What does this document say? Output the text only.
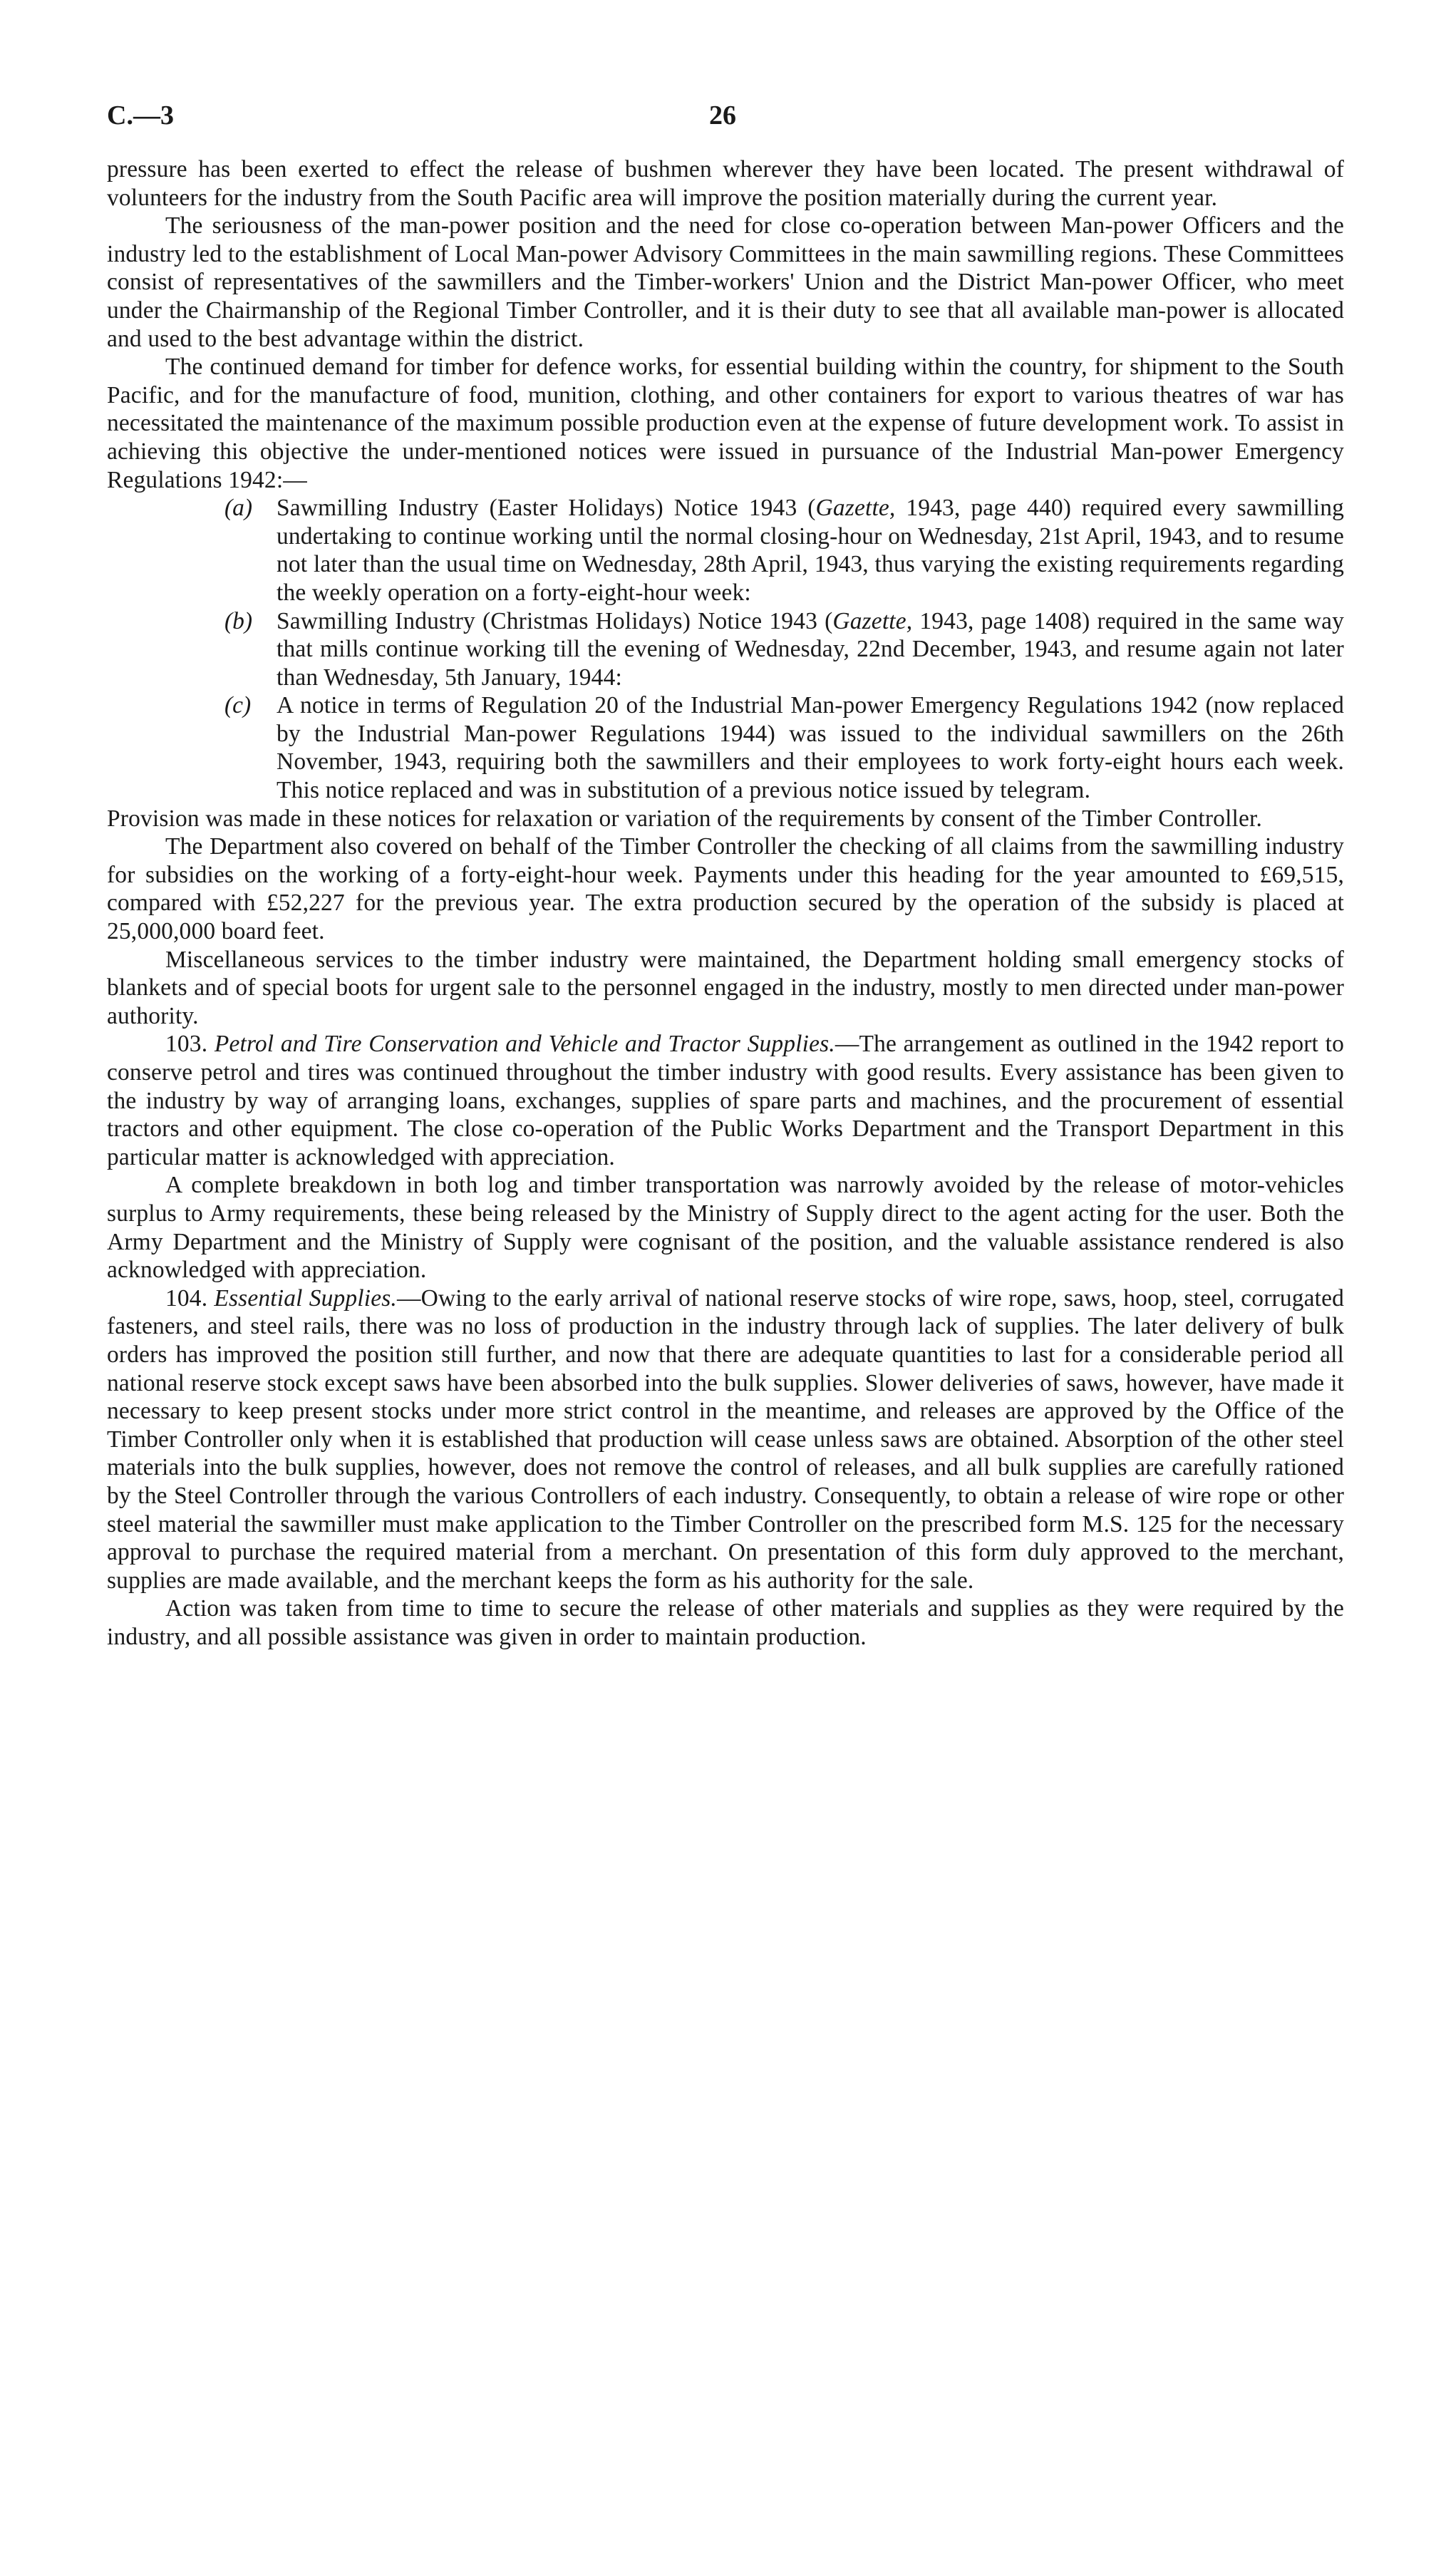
C.—3	26

pressure has been exerted to effect the release of bushmen wherever they have been located. The present withdrawal of volunteers for the industry from the South Pacific area will improve the position materially during the current year.

The seriousness of the man-power position and the need for close co-operation between Man-power Officers and the industry led to the establishment of Local Man-power Advisory Committees in the main sawmilling regions. These Committees consist of representatives of the sawmillers and the Timber-workers' Union and the District Man-power Officer, who meet under the Chairmanship of the Regional Timber Controller, and it is their duty to see that all available man-power is allocated and used to the best advantage within the district.

The continued demand for timber for defence works, for essential building within the country, for shipment to the South Pacific, and for the manufacture of food, munition, clothing, and other containers for export to various theatres of war has necessitated the maintenance of the maximum possible production even at the expense of future development work. To assist in achieving this objective the under-mentioned notices were issued in pursuance of the Industrial Man-power Emergency Regulations 1942:—

(a)	Sawmilling Industry (Easter Holidays) Notice 1943 (Gazette, 1943, page 440) required every sawmilling undertaking to continue working until the normal closing-hour on Wednesday, 21st April, 1943, and to resume not later than the usual time on Wednesday, 28th April, 1943, thus varying the existing requirements regarding the weekly operation on a forty-eight-hour week:

(b)	Sawmilling Industry (Christmas Holidays) Notice 1943 (Gazette, 1943, page 1408) required in the same way that mills continue working till the evening of Wednesday, 22nd December, 1943, and resume again not later than Wednesday, 5th January, 1944:

(c)	A notice in terms of Regulation 20 of the Industrial Man-power Emergency Regulations 1942 (now replaced by the Industrial Man-power Regulations 1944) was issued to the individual sawmillers on the 26th November, 1943, requiring both the sawmillers and their employees to work forty-eight hours each week. This notice replaced and was in substitution of a previous notice issued by telegram.

Provision was made in these notices for relaxation or variation of the requirements by consent of the Timber Controller.

The Department also covered on behalf of the Timber Controller the checking of all claims from the sawmilling industry for subsidies on the working of a forty-eight-hour week. Payments under this heading for the year amounted to £69,515, compared with £52,227 for the previous year. The extra production secured by the operation of the subsidy is placed at 25,000,000 board feet.

Miscellaneous services to the timber industry were maintained, the Department holding small emergency stocks of blankets and of special boots for urgent sale to the personnel engaged in the industry, mostly to men directed under man-power authority.

103. Petrol and Tire Conservation and Vehicle and Tractor Supplies.—The arrangement as outlined in the 1942 report to conserve petrol and tires was continued throughout the timber industry with good results. Every assistance has been given to the industry by way of arranging loans, exchanges, supplies of spare parts and machines, and the procurement of essential tractors and other equipment. The close co-operation of the Public Works Department and the Transport Department in this particular matter is acknowledged with appreciation.

A complete breakdown in both log and timber transportation was narrowly avoided by the release of motor-vehicles surplus to Army requirements, these being released by the Ministry of Supply direct to the agent acting for the user. Both the Army Department and the Ministry of Supply were cognisant of the position, and the valuable assistance rendered is also acknowledged with appreciation.

104. Essential Supplies.—Owing to the early arrival of national reserve stocks of wire rope, saws, hoop, steel, corrugated fasteners, and steel rails, there was no loss of production in the industry through lack of supplies. The later delivery of bulk orders has improved the position still further, and now that there are adequate quantities to last for a considerable period all national reserve stock except saws have been absorbed into the bulk supplies. Slower deliveries of saws, however, have made it necessary to keep present stocks under more strict control in the meantime, and releases are approved by the Office of the Timber Controller only when it is established that production will cease unless saws are obtained. Absorption of the other steel materials into the bulk supplies, however, does not remove the control of releases, and all bulk supplies are carefully rationed by the Steel Controller through the various Controllers of each industry. Consequently, to obtain a release of wire rope or other steel material the sawmiller must make application to the Timber Controller on the prescribed form M.S. 125 for the necessary approval to purchase the required material from a merchant. On presentation of this form duly approved to the merchant, supplies are made available, and the merchant keeps the form as his authority for the sale.

Action was taken from time to time to secure the release of other materials and supplies as they were required by the industry, and all possible assistance was given in order to maintain production.
